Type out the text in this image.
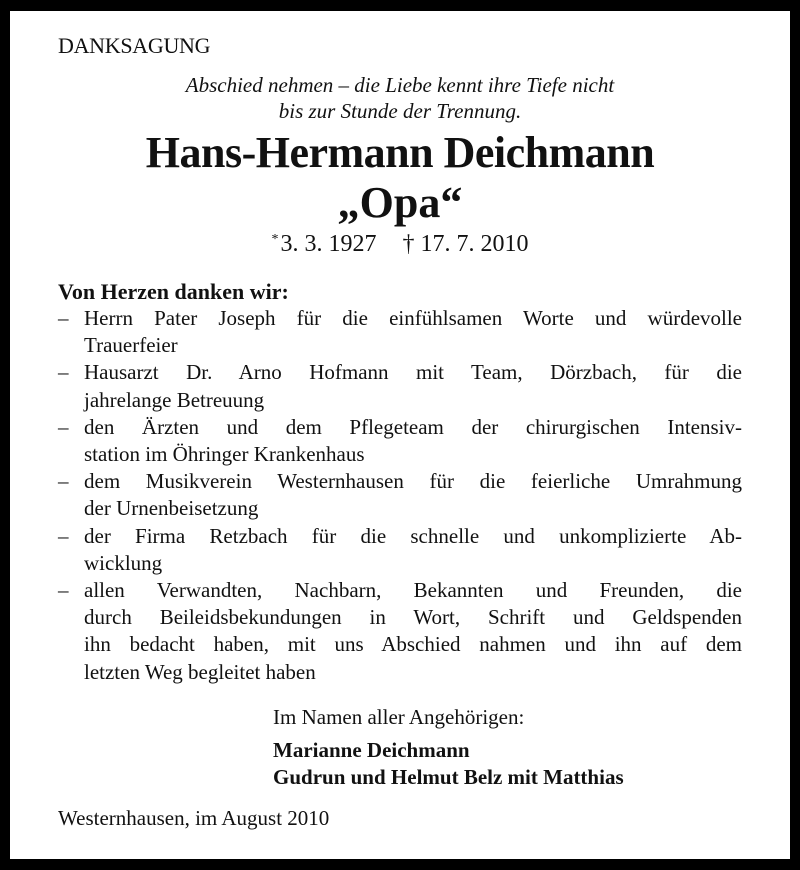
DANKSAGUNG
Abschied nehmen – die Liebe kennt ihre Tiefe nicht
bis zur Stunde der Trennung.
Hans-Hermann Deichmann
„Opa“
*3. 3. 1927 † 17. 7. 2010
Von Herzen danken wir:
– Herrn Pater Joseph für die einfühlsamen Worte und würdevolle
Trauerfeier
– Hausarzt Dr. Arno Hofmann mit Team, Dörzbach, für die
jahrelange Betreuung
– den Ärzten und dem Pflegeteam der chirurgischen Intensiv-
station im Öhringer Krankenhaus
– dem Musikverein Westernhausen für die feierliche Umrahmung
der Urnenbeisetzung
– der Firma Retzbach für die schnelle und unkomplizierte Ab-
wicklung
– allen Verwandten, Nachbarn, Bekannten und Freunden, die
durch Beileidsbekundungen in Wort, Schrift und Geldspenden
ihn bedacht haben, mit uns Abschied nahmen und ihn auf dem
letzten Weg begleitet haben
Im Namen aller Angehörigen:
Marianne Deichmann
Gudrun und Helmut Belz mit Matthias
Westernhausen, im August 2010
